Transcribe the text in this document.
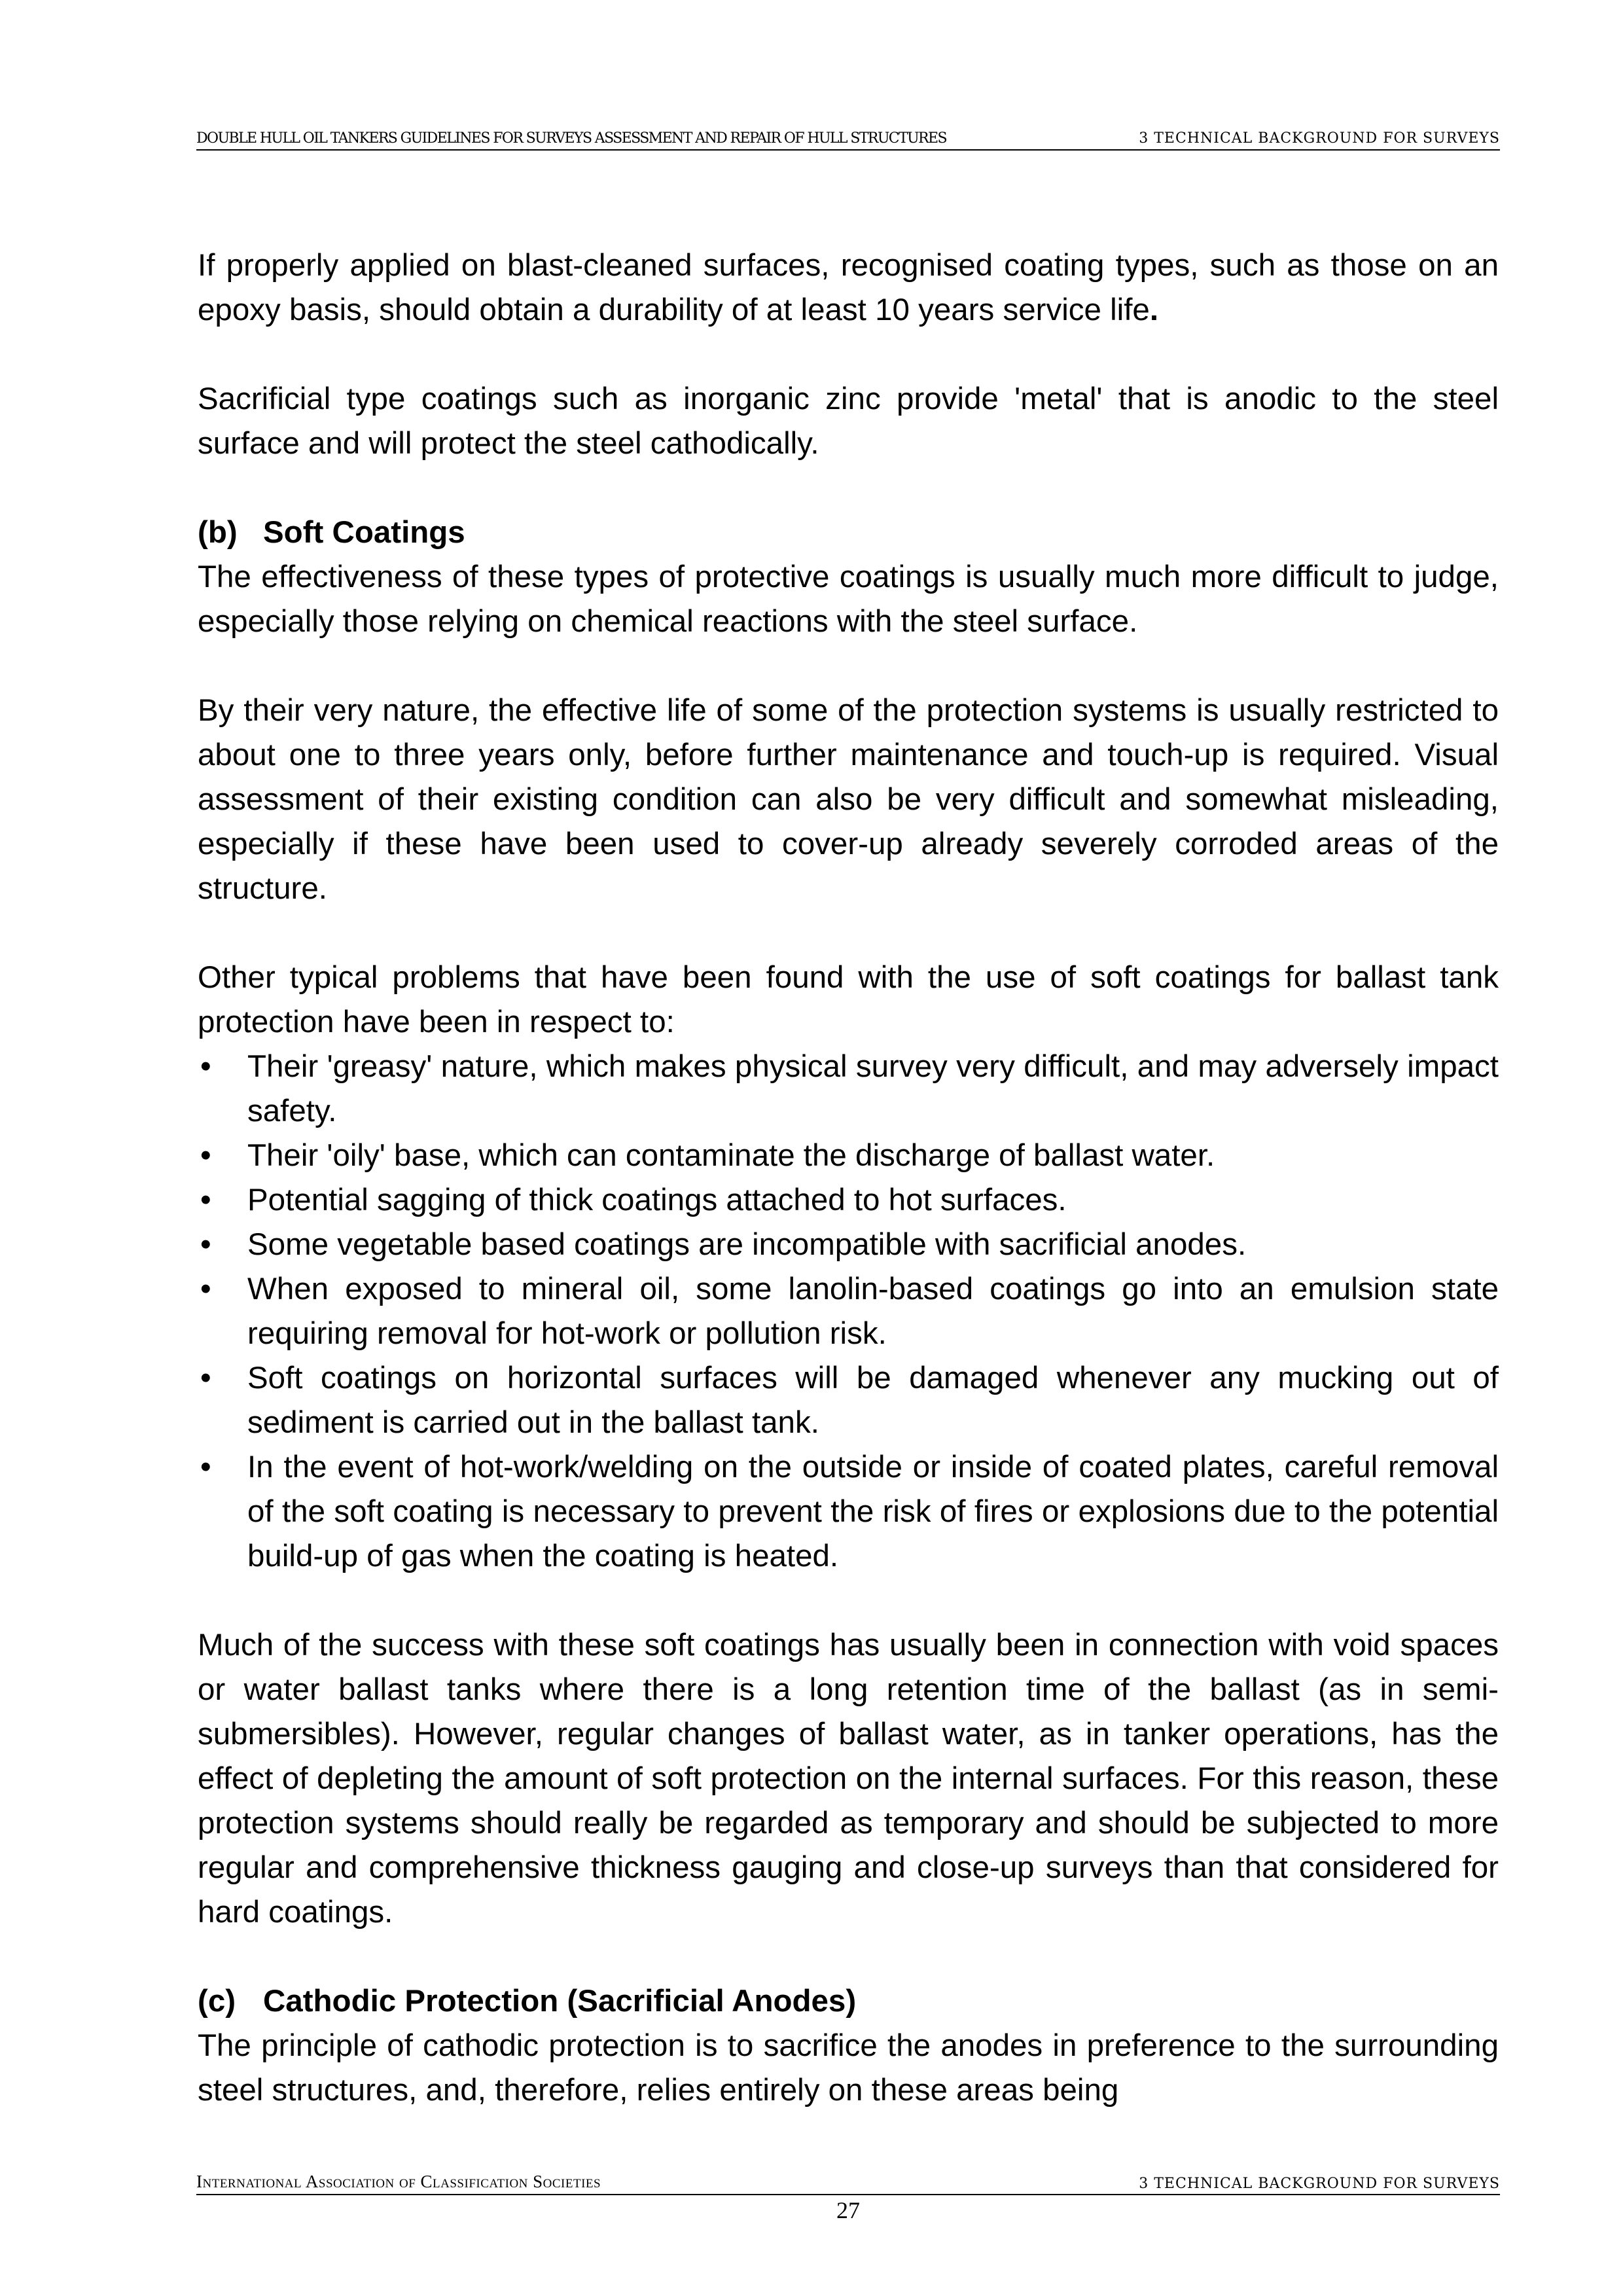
DOUBLE HULL OIL TANKERS GUIDELINES FOR SURVEYS ASSESSMENT AND REPAIR OF HULL STRUCTURES	3 TECHNICAL BACKGROUND FOR SURVEYS

If properly applied on blast-cleaned surfaces, recognised coating types, such as those on an epoxy basis, should obtain a durability of at least 10 years service life.

Sacrificial type coatings such as inorganic zinc provide 'metal' that is anodic to the steel surface and will protect the steel cathodically.

(b) Soft Coatings

The effectiveness of these types of protective coatings is usually much more difficult to judge, especially those relying on chemical reactions with the steel surface.

By their very nature, the effective life of some of the protection systems is usually restricted to about one to three years only, before further maintenance and touch-up is required. Visual assessment of their existing condition can also be very difficult and somewhat misleading, especially if these have been used to cover-up already severely corroded areas of the structure.

Other typical problems that have been found with the use of soft coatings for ballast tank protection have been in respect to:

• Their 'greasy' nature, which makes physical survey very difficult, and may adversely impact safety.
• Their 'oily' base, which can contaminate the discharge of ballast water.
• Potential sagging of thick coatings attached to hot surfaces.
• Some vegetable based coatings are incompatible with sacrificial anodes.
• When exposed to mineral oil, some lanolin-based coatings go into an emulsion state requiring removal for hot-work or pollution risk.
• Soft coatings on horizontal surfaces will be damaged whenever any mucking out of sediment is carried out in the ballast tank.
• In the event of hot-work/welding on the outside or inside of coated plates, careful removal of the soft coating is necessary to prevent the risk of fires or explosions due to the potential build-up of gas when the coating is heated.

Much of the success with these soft coatings has usually been in connection with void spaces or water ballast tanks where there is a long retention time of the ballast (as in semi-submersibles). However, regular changes of ballast water, as in tanker operations, has the effect of depleting the amount of soft protection on the internal surfaces. For this reason, these protection systems should really be regarded as temporary and should be subjected to more regular and comprehensive thickness gauging and close-up surveys than that considered for hard coatings.

(c) Cathodic Protection (Sacrificial Anodes)

The principle of cathodic protection is to sacrifice the anodes in preference to the surrounding steel structures, and, therefore, relies entirely on these areas being

International Association of Classification Societies	3 TECHNICAL BACKGROUND FOR SURVEYS
27
